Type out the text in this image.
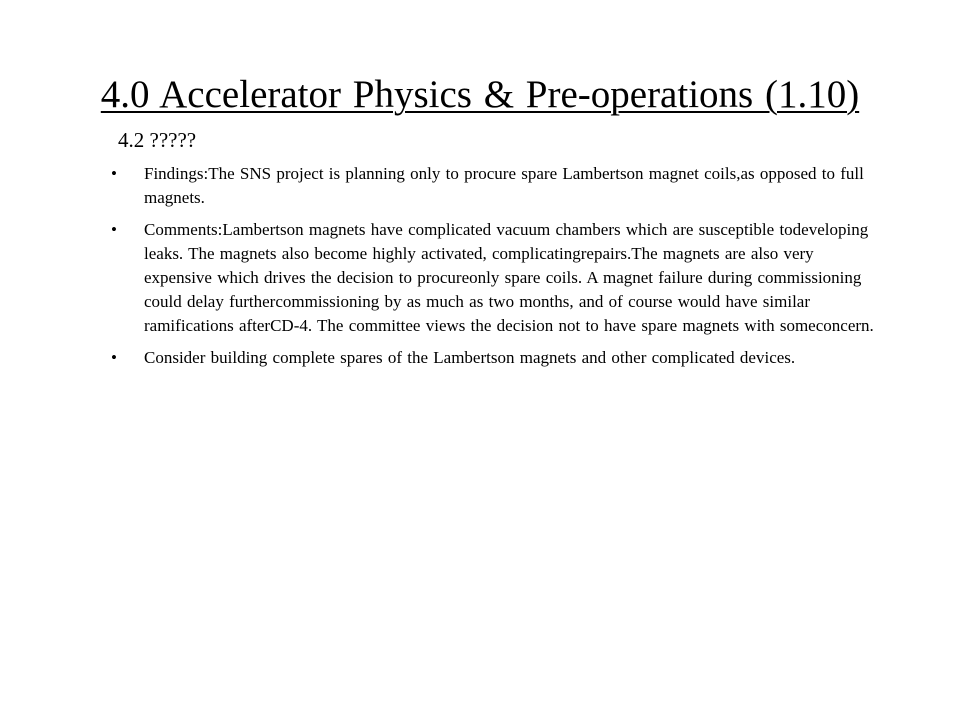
4.0 Accelerator Physics & Pre-operations (1.10)
4.2 ?????
• Findings:The SNS project is planning only to procure spare Lambertson magnet coils,as opposed to full magnets.
• Comments:Lambertson magnets have complicated vacuum chambers which are susceptible todeveloping leaks. The magnets also become highly activated, complicatingrepairs.The magnets are also very expensive which drives the decision to procureonly spare coils. A magnet failure during commissioning could delay furthercommissioning by as much as two months, and of course would have similar ramifications afterCD-4. The committee views the decision not to have spare magnets with someconcern.
• Consider building complete spares of the Lambertson magnets and other complicated devices.
